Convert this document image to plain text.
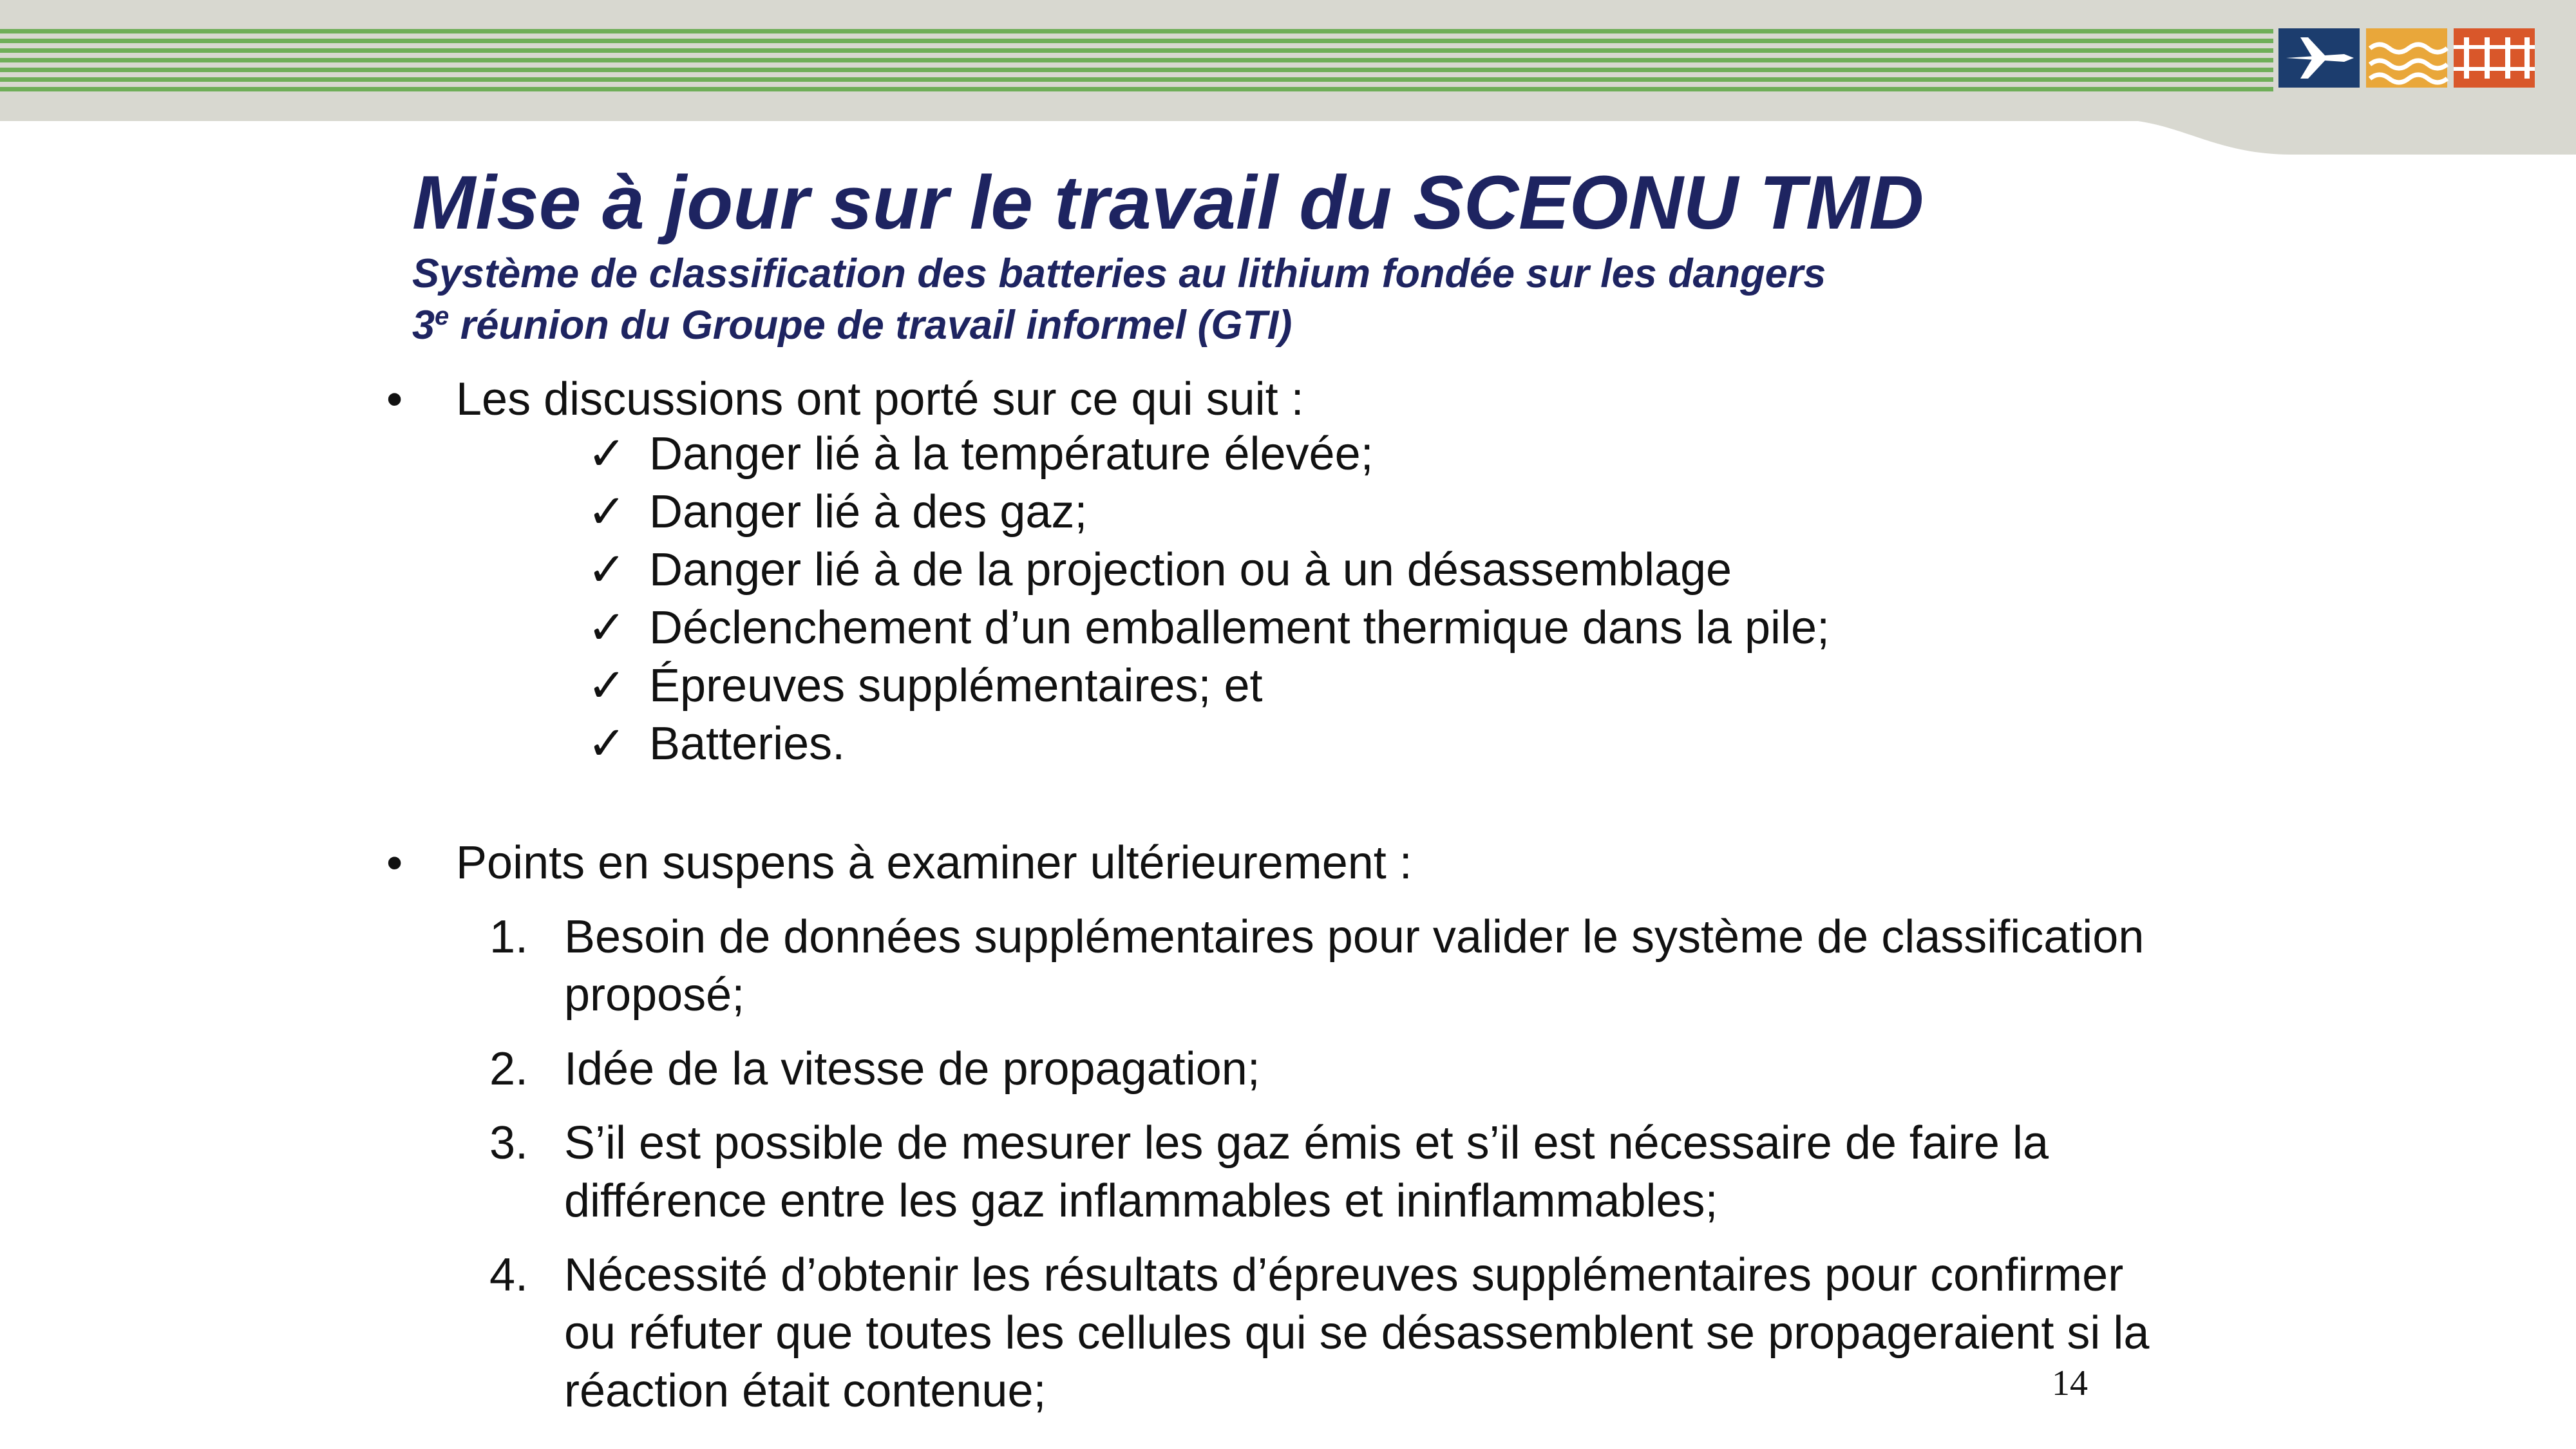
Mise à jour sur le travail du SCEONU TMD
Système de classification des batteries au lithium fondée sur les dangers
3e réunion du Groupe de travail informel (GTI)
• Les discussions ont porté sur ce qui suit :
✓ Danger lié à la température élevée;
✓ Danger lié à des gaz;
✓ Danger lié à de la projection ou à un désassemblage
✓ Déclenchement d’un emballement thermique dans la pile;
✓ Épreuves supplémentaires; et
✓ Batteries.
• Points en suspens à examiner ultérieurement :
1. Besoin de données supplémentaires pour valider le système de classification proposé;
2. Idée de la vitesse de propagation;
3. S’il est possible de mesurer les gaz émis et s’il est nécessaire de faire la différence entre les gaz inflammables et ininflammables;
4. Nécessité d’obtenir les résultats d’épreuves supplémentaires pour confirmer ou réfuter que toutes les cellules qui se désassemblent se propageraient si la réaction était contenue;	14
